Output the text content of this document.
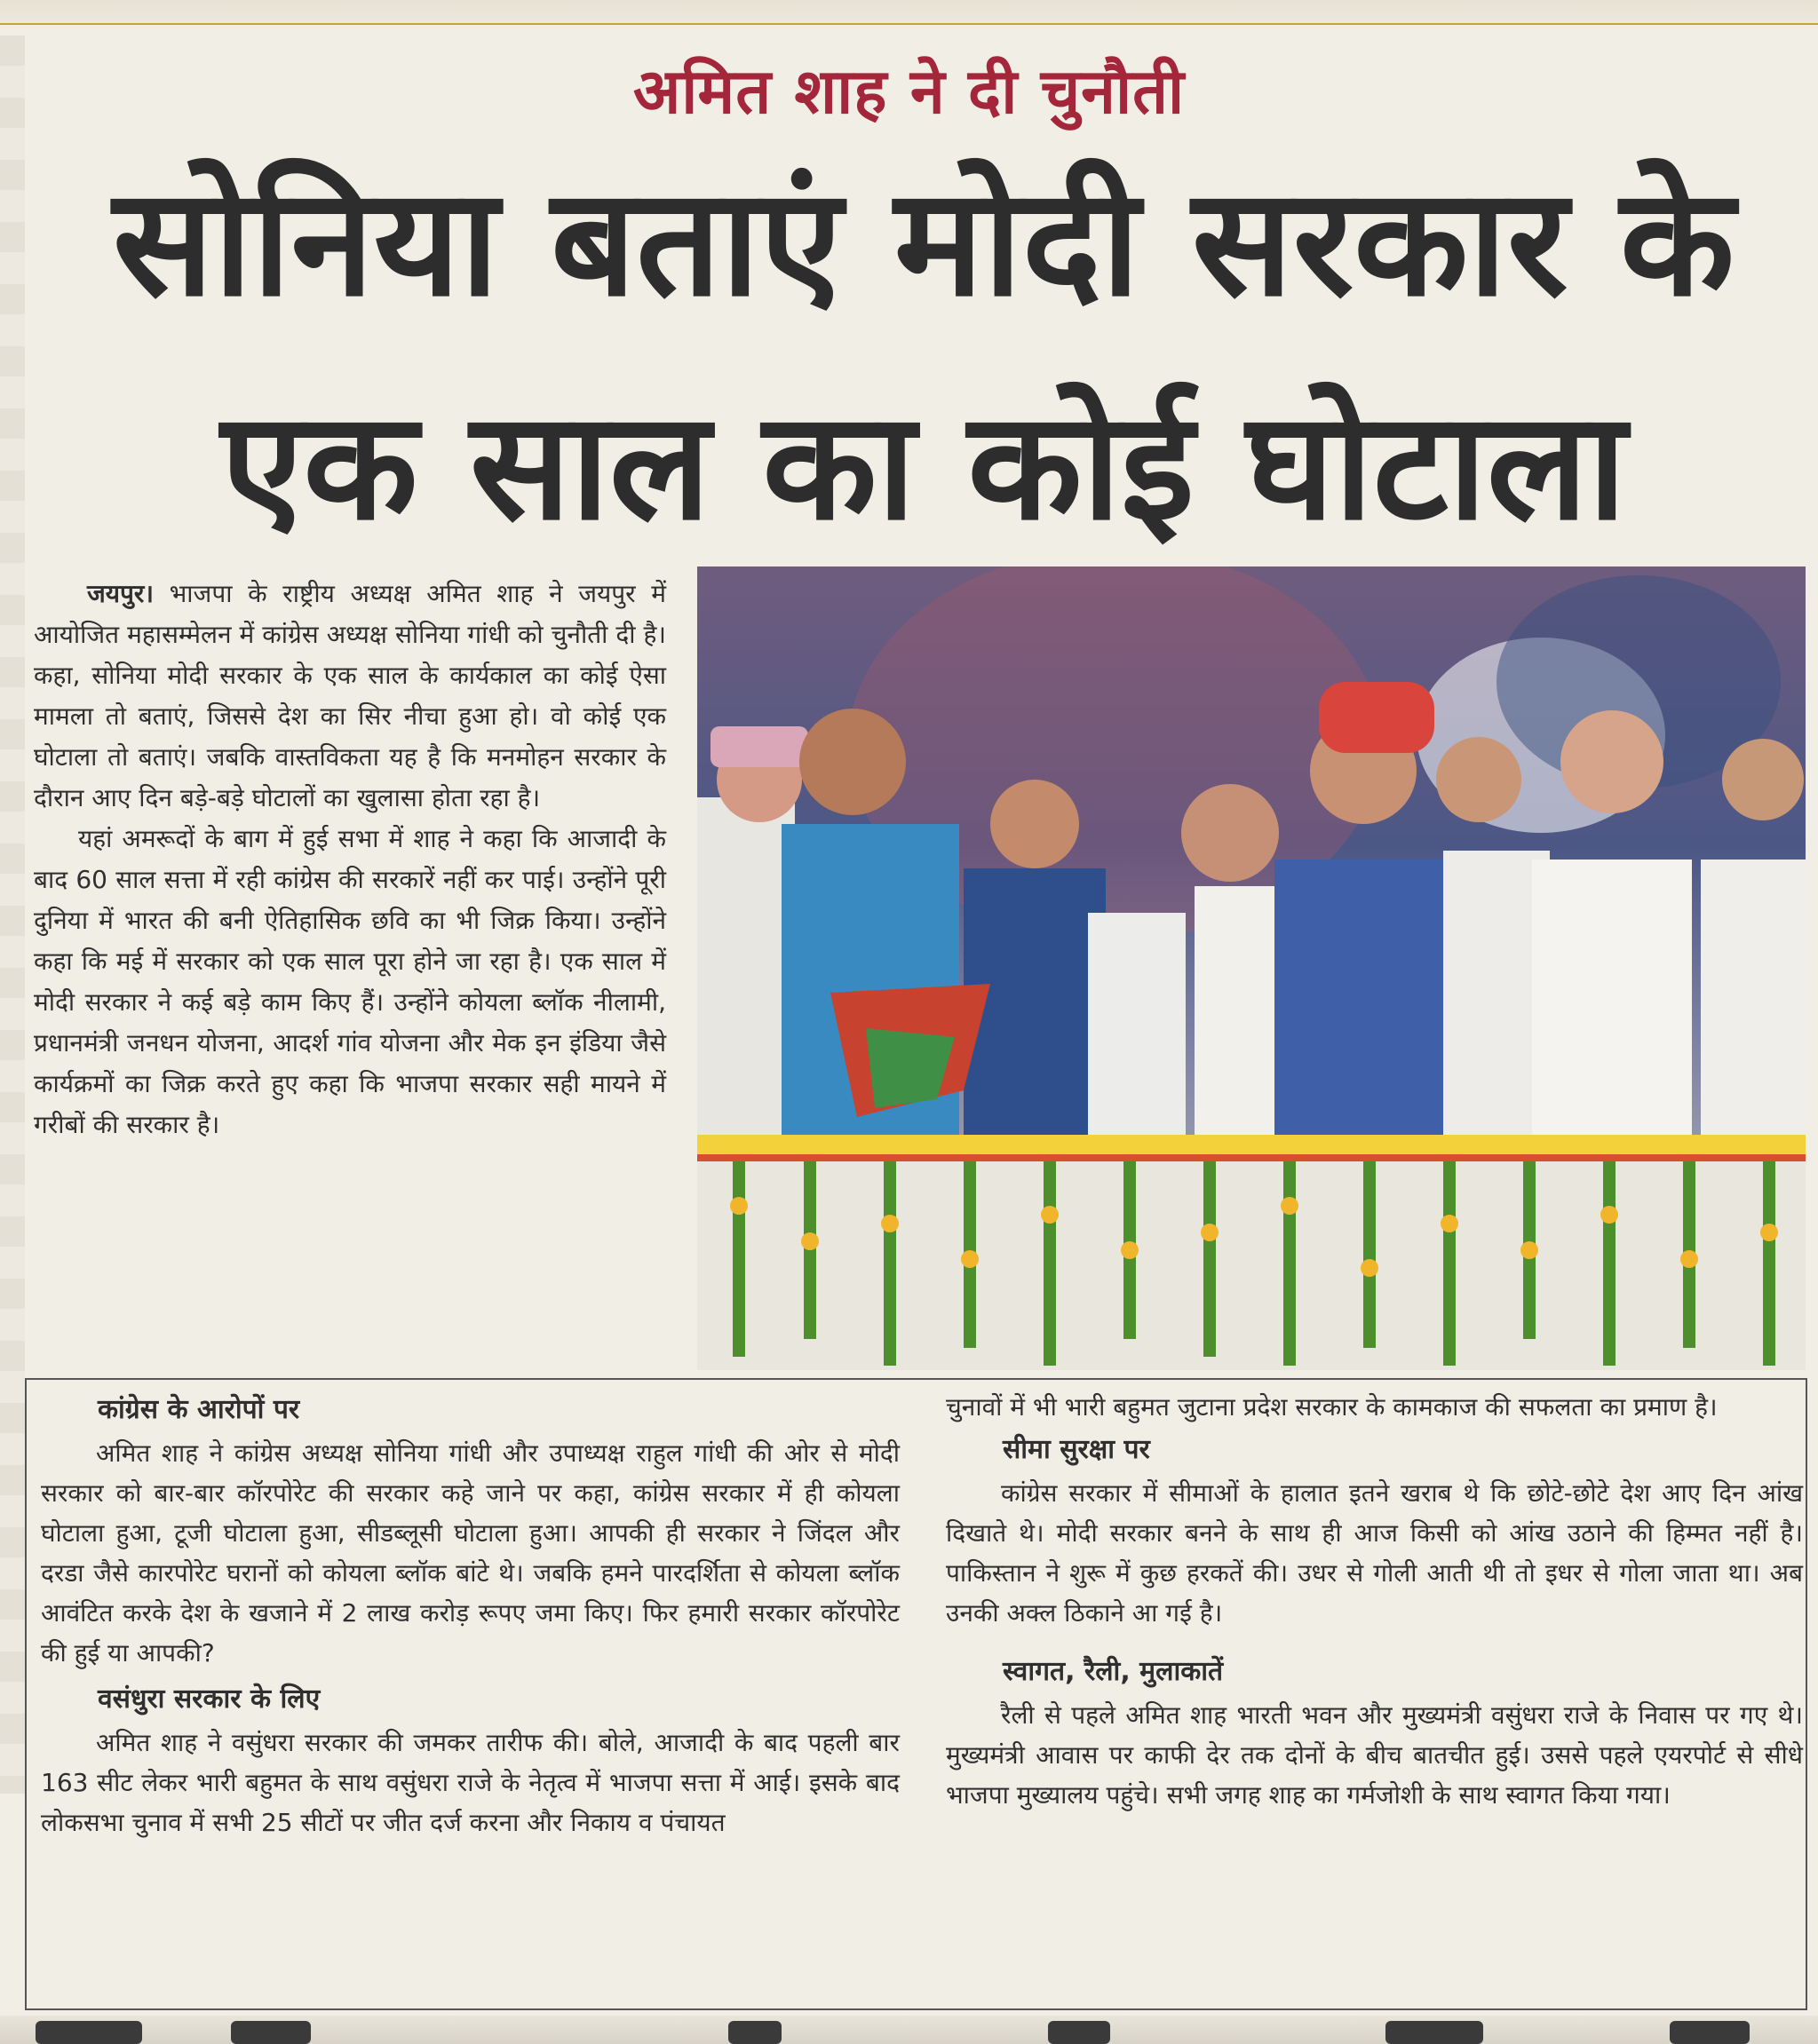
अमित शाह ने दी चुनौती
सोनिया बताएं मोदी सरकार के
एक साल का कोई घोटाला

जयपुर। भाजपा के राष्ट्रीय अध्यक्ष अमित शाह ने जयपुर में आयोजित महासम्मेलन में कांग्रेस अध्यक्ष सोनिया गांधी को चुनौती दी है। कहा, सोनिया मोदी सरकार के एक साल के कार्यकाल का कोई ऐसा मामला तो बताएं, जिससे देश का सिर नीचा हुआ हो। वो कोई एक घोटाला तो बताएं। जबकि वास्तविकता यह है कि मनमोहन सरकार के दौरान आए दिन बड़े-बड़े घोटालों का खुलासा होता रहा है।

यहां अमरूदों के बाग में हुई सभा में शाह ने कहा कि आजादी के बाद 60 साल सत्ता में रही कांग्रेस की सरकारें नहीं कर पाई। उन्होंने पूरी दुनिया में भारत की बनी ऐतिहासिक छवि का भी जिक्र किया। उन्होंने कहा कि मई में सरकार को एक साल पूरा होने जा रहा है। एक साल में मोदी सरकार ने कई बड़े काम किए हैं। उन्होंने कोयला ब्लॉक नीलामी, प्रधानमंत्री जनधन योजना, आदर्श गांव योजना और मेक इन इंडिया जैसे कार्यक्रमों का जिक्र करते हुए कहा कि भाजपा सरकार सही मायने में गरीबों की सरकार है।

कांग्रेस के आरोपों पर

अमित शाह ने कांग्रेस अध्यक्ष सोनिया गांधी और उपाध्यक्ष राहुल गांधी की ओर से मोदी सरकार को बार-बार कॉरपोरेट की सरकार कहे जाने पर कहा, कांग्रेस सरकार में ही कोयला घोटाला हुआ, टूजी घोटाला हुआ, सीडब्लूसी घोटाला हुआ। आपकी ही सरकार ने जिंदल और दरडा जैसे कारपोरेट घरानों को कोयला ब्लॉक बांटे थे। जबकि हमने पारदर्शिता से कोयला ब्लॉक आवंटित करके देश के खजाने में 2 लाख करोड़ रूपए जमा किए। फिर हमारी सरकार कॉरपोरेट की हुई या आपकी?

वसंधुरा सरकार के लिए

अमित शाह ने वसुंधरा सरकार की जमकर तारीफ की। बोले, आजादी के बाद पहली बार 163 सीट लेकर भारी बहुमत के साथ वसुंधरा राजे के नेतृत्व में भाजपा सत्ता में आई। इसके बाद लोकसभा चुनाव में सभी 25 सीटों पर जीत दर्ज करना और निकाय व पंचायत

चुनावों में भी भारी बहुमत जुटाना प्रदेश सरकार के कामकाज की सफलता का प्रमाण है।

सीमा सुरक्षा पर

कांग्रेस सरकार में सीमाओं के हालात इतने खराब थे कि छोटे-छोटे देश आए दिन आंख दिखाते थे। मोदी सरकार बनने के साथ ही आज किसी को आंख उठाने की हिम्मत नहीं है। पाकिस्तान ने शुरू में कुछ हरकतें की। उधर से गोली आती थी तो इधर से गोला जाता था। अब उनकी अक्ल ठिकाने आ गई है।

स्वागत, रैली, मुलाकातें

रैली से पहले अमित शाह भारती भवन और मुख्यमंत्री वसुंधरा राजे के निवास पर गए थे। मुख्यमंत्री आवास पर काफी देर तक दोनों के बीच बातचीत हुई। उससे पहले एयरपोर्ट से सीधे भाजपा मुख्यालय पहुंचे। सभी जगह शाह का गर्मजोशी के साथ स्वागत किया गया।
